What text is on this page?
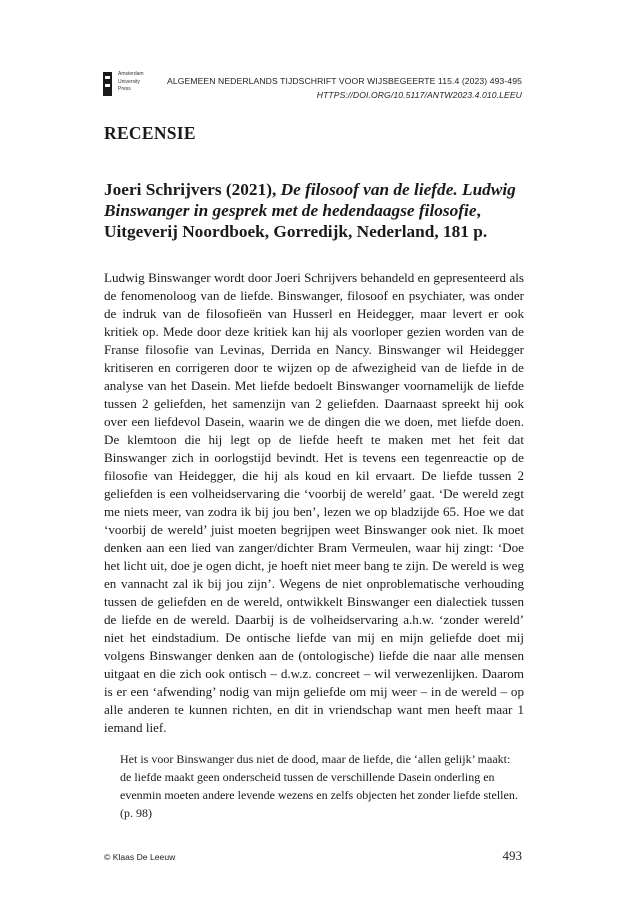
Amsterdam
University
Press
ALGEMEEN NEDERLANDS TIJDSCHRIFT VOOR WIJSBEGEERTE 115.4 (2023) 493-495
HTTPS://DOI.ORG/10.5117/ANTW2023.4.010.LEEU
RECENSIE
Joeri Schrijvers (2021), De filosoof van de liefde. Ludwig Binswanger in gesprek met de hedendaagse filosofie, Uitgeverij Noordboek, Gorredijk, Nederland, 181 p.
Ludwig Binswanger wordt door Joeri Schrijvers behandeld en gepresenteerd als de fenomenoloog van de liefde. Binswanger, filosoof en psychiater, was onder de indruk van de filosofieën van Husserl en Heidegger, maar levert er ook kritiek op. Mede door deze kritiek kan hij als voorloper gezien worden van de Franse filosofie van Levinas, Derrida en Nancy. Binswanger wil Heidegger kritiseren en corrigeren door te wijzen op de afwezigheid van de liefde in de analyse van het Dasein. Met liefde bedoelt Binswanger voornamelijk de liefde tussen 2 geliefden, het samenzijn van 2 geliefden. Daarnaast spreekt hij ook over een liefdevol Dasein, waarin we de dingen die we doen, met liefde doen. De klemtoon die hij legt op de liefde heeft te maken met het feit dat Binswanger zich in oorlogstijd bevindt. Het is tevens een tegenreactie op de filosofie van Heidegger, die hij als koud en kil ervaart. De liefde tussen 2 geliefden is een volheidservaring die ‘voorbij de wereld’ gaat. ‘De wereld zegt me niets meer, van zodra ik bij jou ben’, lezen we op bladzijde 65. Hoe we dat ‘voorbij de wereld’ juist moeten begrijpen weet Binswanger ook niet. Ik moet denken aan een lied van zanger/dichter Bram Vermeulen, waar hij zingt: ‘Doe het licht uit, doe je ogen dicht, je hoeft niet meer bang te zijn. De wereld is weg en vannacht zal ik bij jou zijn’. Wegens de niet onproblematische verhouding tussen de geliefden en de wereld, ontwikkelt Binswanger een dialectiek tussen de liefde en de wereld. Daarbij is de volheidservaring a.h.w. ‘zonder wereld’ niet het eindstadium. De ontische liefde van mij en mijn geliefde doet mij volgens Binswanger denken aan de (ontologische) liefde die naar alle mensen uitgaat en die zich ook ontisch – d.w.z. concreet – wil verwezenlijken. Daarom is er een ‘afwending’ nodig van mijn geliefde om mij weer – in de wereld – op alle anderen te kunnen richten, en dit in vriendschap want men heeft maar 1 iemand lief.
Het is voor Binswanger dus niet de dood, maar de liefde, die ‘allen gelijk’ maakt: de liefde maakt geen onderscheid tussen de verschillende Dasein onderling en evenmin moeten andere levende wezens en zelfs objecten het zonder liefde stellen. (p. 98)
© Klaas De Leeuw	493
